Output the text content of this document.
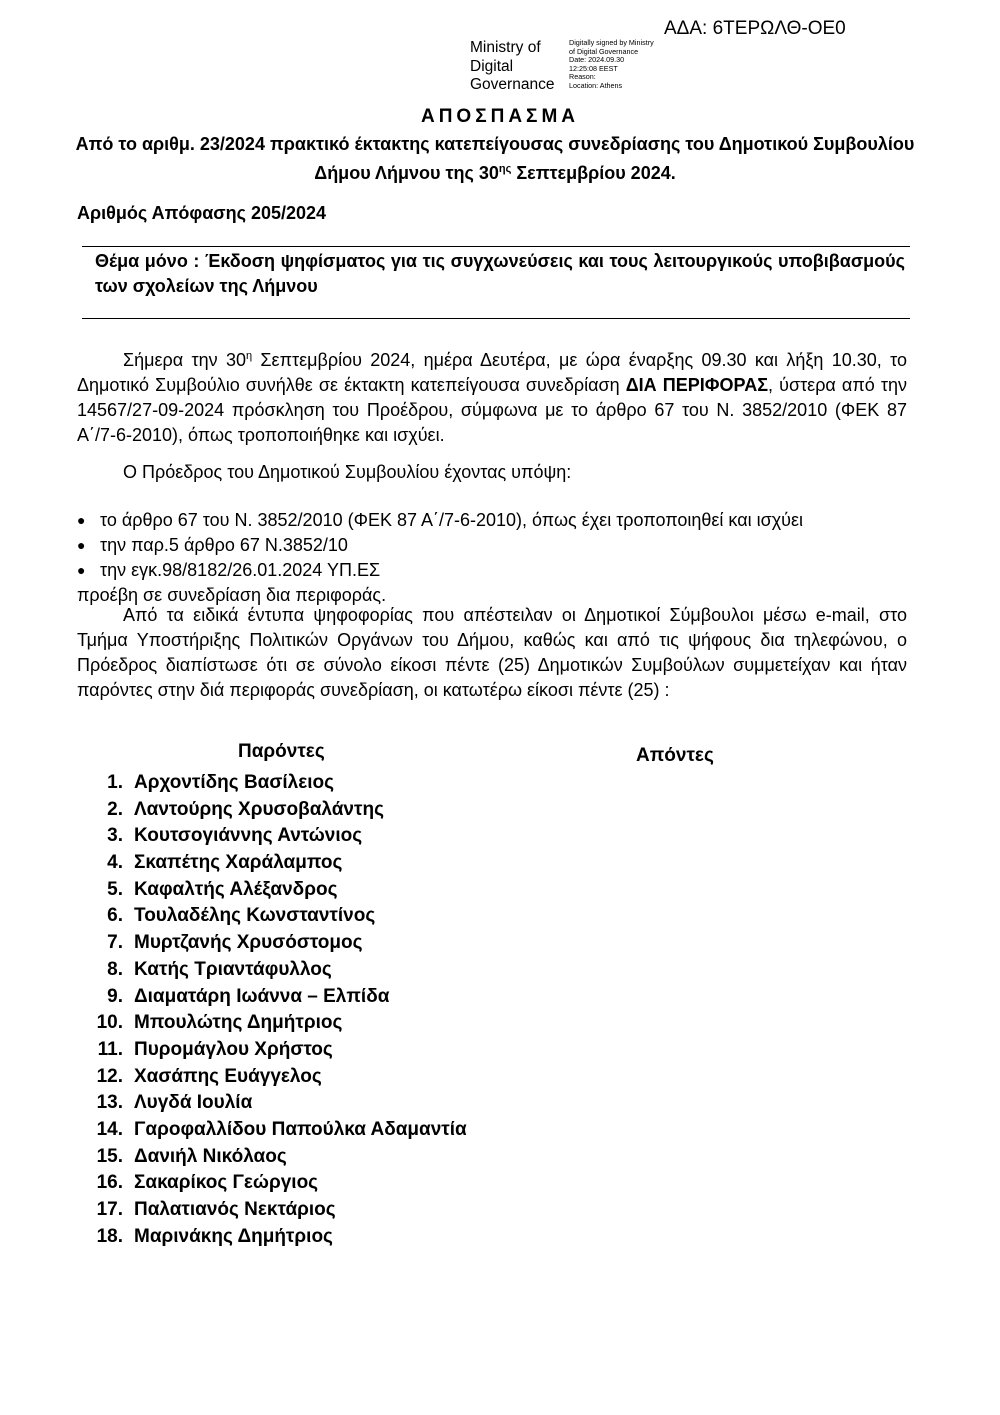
ΑΔΑ: 6ΤΕΡΩΛΘ-ΟΕ0
Ministry of
Digital
Governance
Digitally signed by Ministry
of Digital Governance
Date: 2024.09.30
12:25:08 EEST
Reason:
Location: Athens
ΑΠΟΣΠΑΣΜΑ
Από το αριθμ. 23/2024 πρακτικό έκτακτης κατεπείγουσας συνεδρίασης του Δημοτικού Συμβουλίου Δήμου Λήμνου της $30^{\eta\varsigma}$ Σεπτεμβρίου 2024.
Αριθμός Απόφασης 205/2024
Θέμα μόνο : Έκδοση ψηφίσματος για τις συγχωνεύσεις και τους λειτουργικούς υποβιβασμούς των σχολείων της Λήμνου
Σήμερα την $30^\eta$ Σεπτεμβρίου 2024, ημέρα Δευτέρα, με ώρα έναρξης 09.30 και λήξη 10.30, το Δημοτικό Συμβούλιο συνήλθε σε έκτακτη κατεπείγουσα συνεδρίαση ΔΙΑ ΠΕΡΙΦΟΡΑΣ, ύστερα από την 14567/27-09-2024 πρόσκληση του Προέδρου, σύμφωνα με το άρθρο 67 του Ν. 3852/2010 (ΦΕΚ 87 Α΄/7-6-2010), όπως τροποποιήθηκε και ισχύει.
Ο Πρόεδρος του Δημοτικού Συμβουλίου έχοντας υπόψη:
● το άρθρο 67 του Ν. 3852/2010 (ΦΕΚ 87 Α΄/7-6-2010), όπως έχει τροποποιηθεί και ισχύει
● την παρ.5 άρθρο 67 Ν.3852/10
● την εγκ.98/8182/26.01.2024 ΥΠ.ΕΣ
προέβη σε συνεδρίαση δια περιφοράς.
Από τα ειδικά έντυπα ψηφοφορίας που απέστειλαν οι Δημοτικοί Σύμβουλοι μέσω e-mail, στο Τμήμα Υποστήριξης Πολιτικών Οργάνων του Δήμου, καθώς και από τις ψήφους δια τηλεφώνου, ο Πρόεδρος διαπίστωσε ότι σε σύνολο είκοσι πέντε (25) Δημοτικών Συμβούλων συμμετείχαν και ήταν παρόντες στην διά περιφοράς συνεδρίαση, οι κατωτέρω είκοσι πέντε (25) :
Παρόντες	Απόντες
1. Αρχοντίδης Βασίλειος
2. Λαντούρης Χρυσοβαλάντης
3. Κουτσογιάννης Αντώνιος
4. Σκαπέτης Χαράλαμπος
5. Καφαλτής Αλέξανδρος
6. Τουλαδέλης Κωνσταντίνος
7. Μυρτζανής Χρυσόστομος
8. Κατής Τριαντάφυλλος
9. Διαματάρη Ιωάννα – Ελπίδα
10. Μπουλώτης Δημήτριος
11. Πυρομάγλου Χρήστος
12. Χασάπης Ευάγγελος
13. Λυγδά Ιουλία
14. Γαροφαλλίδου Παπούλκα Αδαμαντία
15. Δανιήλ Νικόλαος
16. Σακαρίκος Γεώργιος
17. Παλατιανός Νεκτάριος
18. Μαρινάκης Δημήτριος
